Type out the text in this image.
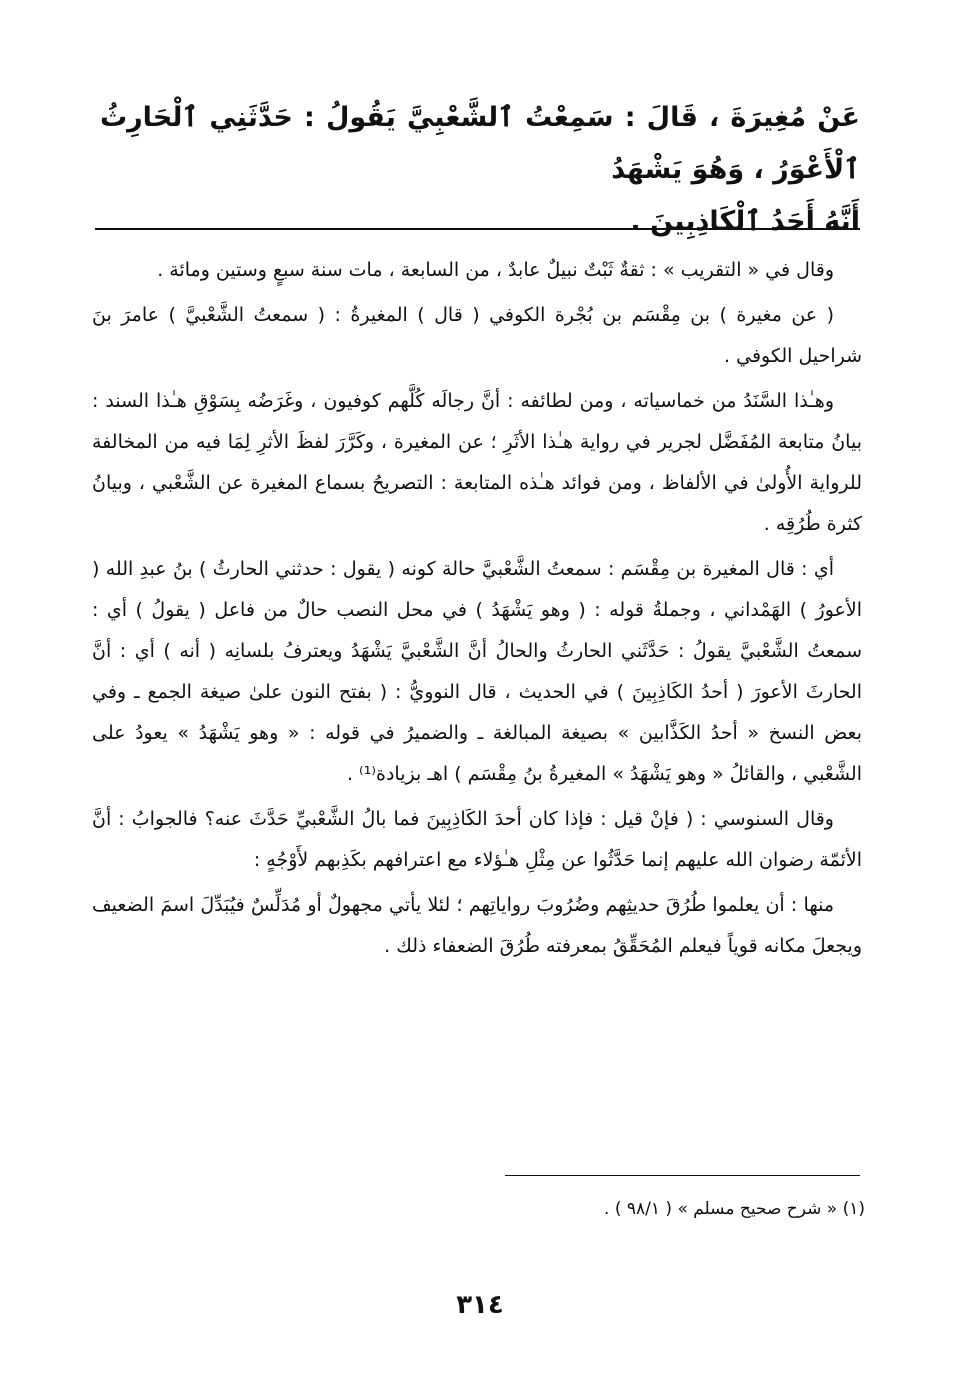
عَنْ مُغِيرَةَ ، قَالَ : سَمِعْتُ ٱلشَّعْبِيَّ يَقُولُ : حَدَّثَنِي ٱلْحَارِثُ ٱلْأَعْوَرُ ، وَهُوَ يَشْهَدُ

أَنَّهُ أَحَدُ ٱلْكَاذِبِينَ .

وقال في « التقريب » : ثقةٌ ثَبْتٌ نبيلٌ عابدٌ ، من السابعة ، مات سنة سبعٍ وستين ومائة .

( عن مغيرة ) بن مِقْسَم بن بُجْرة الكوفي ( قال ) المغيرةُ : ( سمعتُ الشَّعْبيَّ ) عامرَ بنَ شراحيل الكوفي .

وهـٰذا السَّنَدُ من خماسياته ، ومن لطائفه : أنَّ رجالَه كُلَّهم كوفيون ، وغَرَضُه بِسَوْقِ هـٰذا السند : بيانُ متابعة المُفَضَّل لجرير في رواية هـٰذا الأثَرِ ؛ عن المغيرة ، وكَرَّرَ لفظَ الأثرِ لِمَا فيه من المخالفة للرواية الأُولىٰ في الألفاظ ، ومن فوائد هـٰذه المتابعة : التصريحُ بسماع المغيرة عن الشَّعْبي ، وبيانُ كثرة طُرُقِه .

أي : قال المغيرة بن مِقْسَم : سمعتُ الشَّعْبيَّ حالة كونه ( يقول : حدثني الحارثُ ) بنُ عبدِ الله ( الأعورُ ) الهَمْداني ، وجملةُ قوله : ( وهو يَشْهَدُ ) في محل النصب حالٌ من فاعل ( يقولُ ) أي : سمعتُ الشَّعْبيَّ يقولُ : حَدَّثَني الحارثُ والحالُ أنَّ الشَّعْبيَّ يَشْهَدُ ويعترفُ بلسانِه ( أنه ) أي : أنَّ الحارثَ الأعورَ ( أحدُ الكَاذِبِينَ ) في الحديث ، قال النوويُّ : ( بفتح النون علىٰ صيغة الجمع ـ وفي بعض النسخ « أحدُ الكَذَّابين » بصيغة المبالغة ـ والضميرُ في قوله : « وهو يَشْهَدُ » يعودُ على الشَّعْبي ، والقائلُ « وهو يَشْهَدُ » المغيرةُ بنُ مِقْسَم ) اهـ بزيادة⁽¹⁾ .

وقال السنوسي : ( فإنْ قيل : فإذا كان أحدَ الكَاذِبِينَ فما بالُ الشَّعْبيِّ حَدَّثَ عنه؟ فالجوابُ : أنَّ الأئمّة رضوان الله عليهم إنما حَدَّثُوا عن مِثْلِ هـٰؤلاء مع اعترافهم بكَذِبهم لأَوْجُهٍ :

منها : أن يعلموا طُرُقَ حديثِهم وضُرُوبَ رواياتِهم ؛ لئلا يأتي مجهولٌ أو مُدَلِّسٌ فيُبَدِّلَ اسمَ الضعيف ويجعلَ مكانه قوياً فيعلم المُحَقِّقُ بمعرفته طُرُقَ الضعفاء ذلك .

(١) « شرح صحيح مسلم » ( ٩٨/١ ) .

٣١٤
